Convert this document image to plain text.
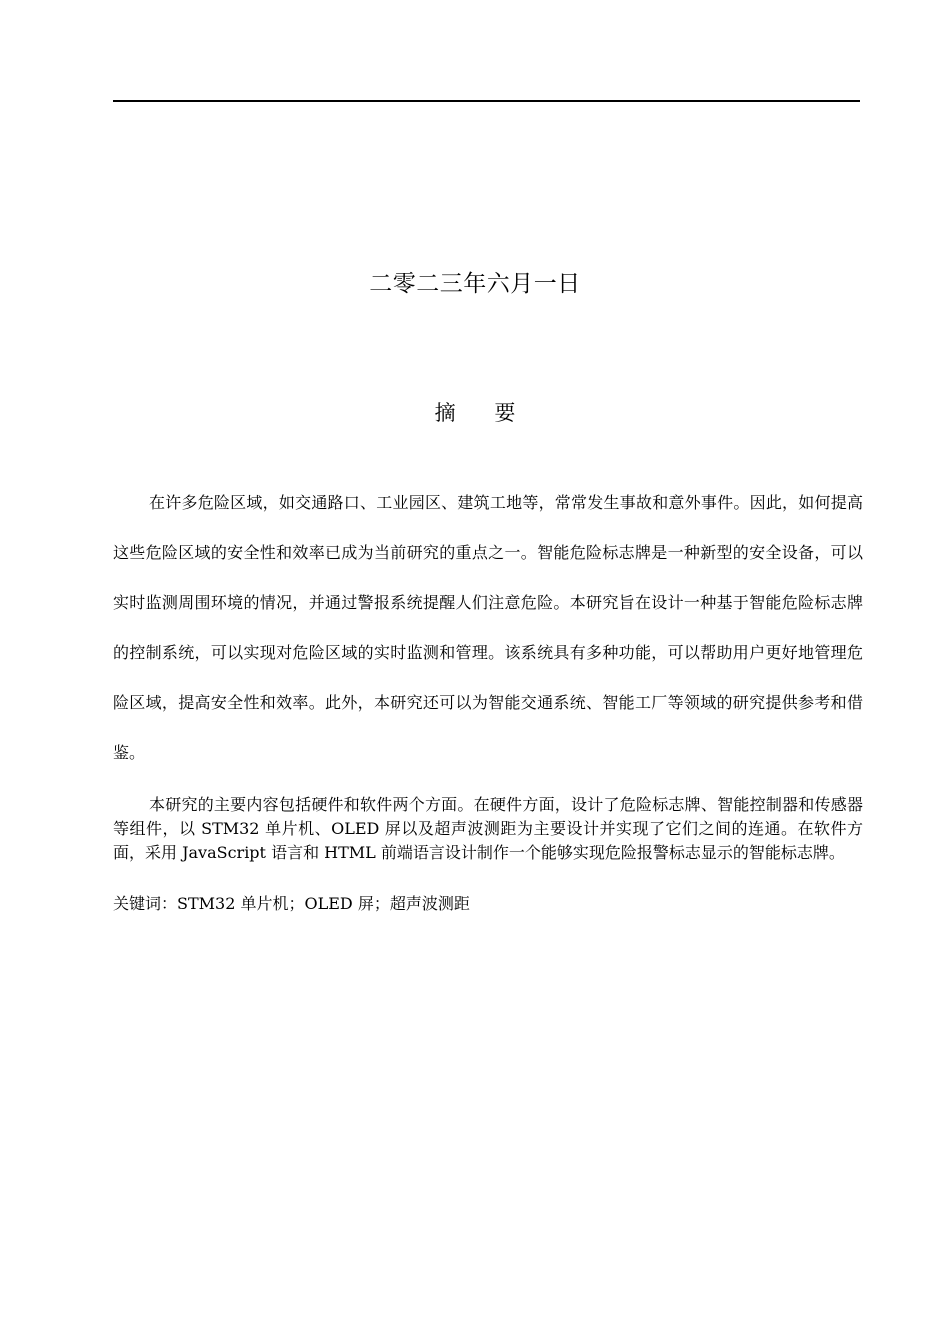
二零二三年六月一日
摘 要

在许多危险区域，如交通路口、工业园区、建筑工地等，常常发生事故和意外事件。因此，如何提高这些危险区域的安全性和效率已成为当前研究的重点之一。智能危险标志牌是一种新型的安全设备，可以实时监测周围环境的情况，并通过警报系统提醒人们注意危险。本研究旨在设计一种基于智能危险标志牌的控制系统，可以实现对危险区域的实时监测和管理。该系统具有多种功能，可以帮助用户更好地管理危险区域，提高安全性和效率。此外，本研究还可以为智能交通系统、智能工厂等领域的研究提供参考和借鉴。

本研究的主要内容包括硬件和软件两个方面。在硬件方面，设计了危险标志牌、智能控制器和传感器等组件，以 STM32 单片机、OLED 屏以及超声波测距为主要设计并实现了它们之间的连通。在软件方面，采用 JavaScript 语言和 HTML 前端语言设计制作一个能够实现危险报警标志显示的智能标志牌。

关键词：STM32 单片机；OLED 屏；超声波测距
